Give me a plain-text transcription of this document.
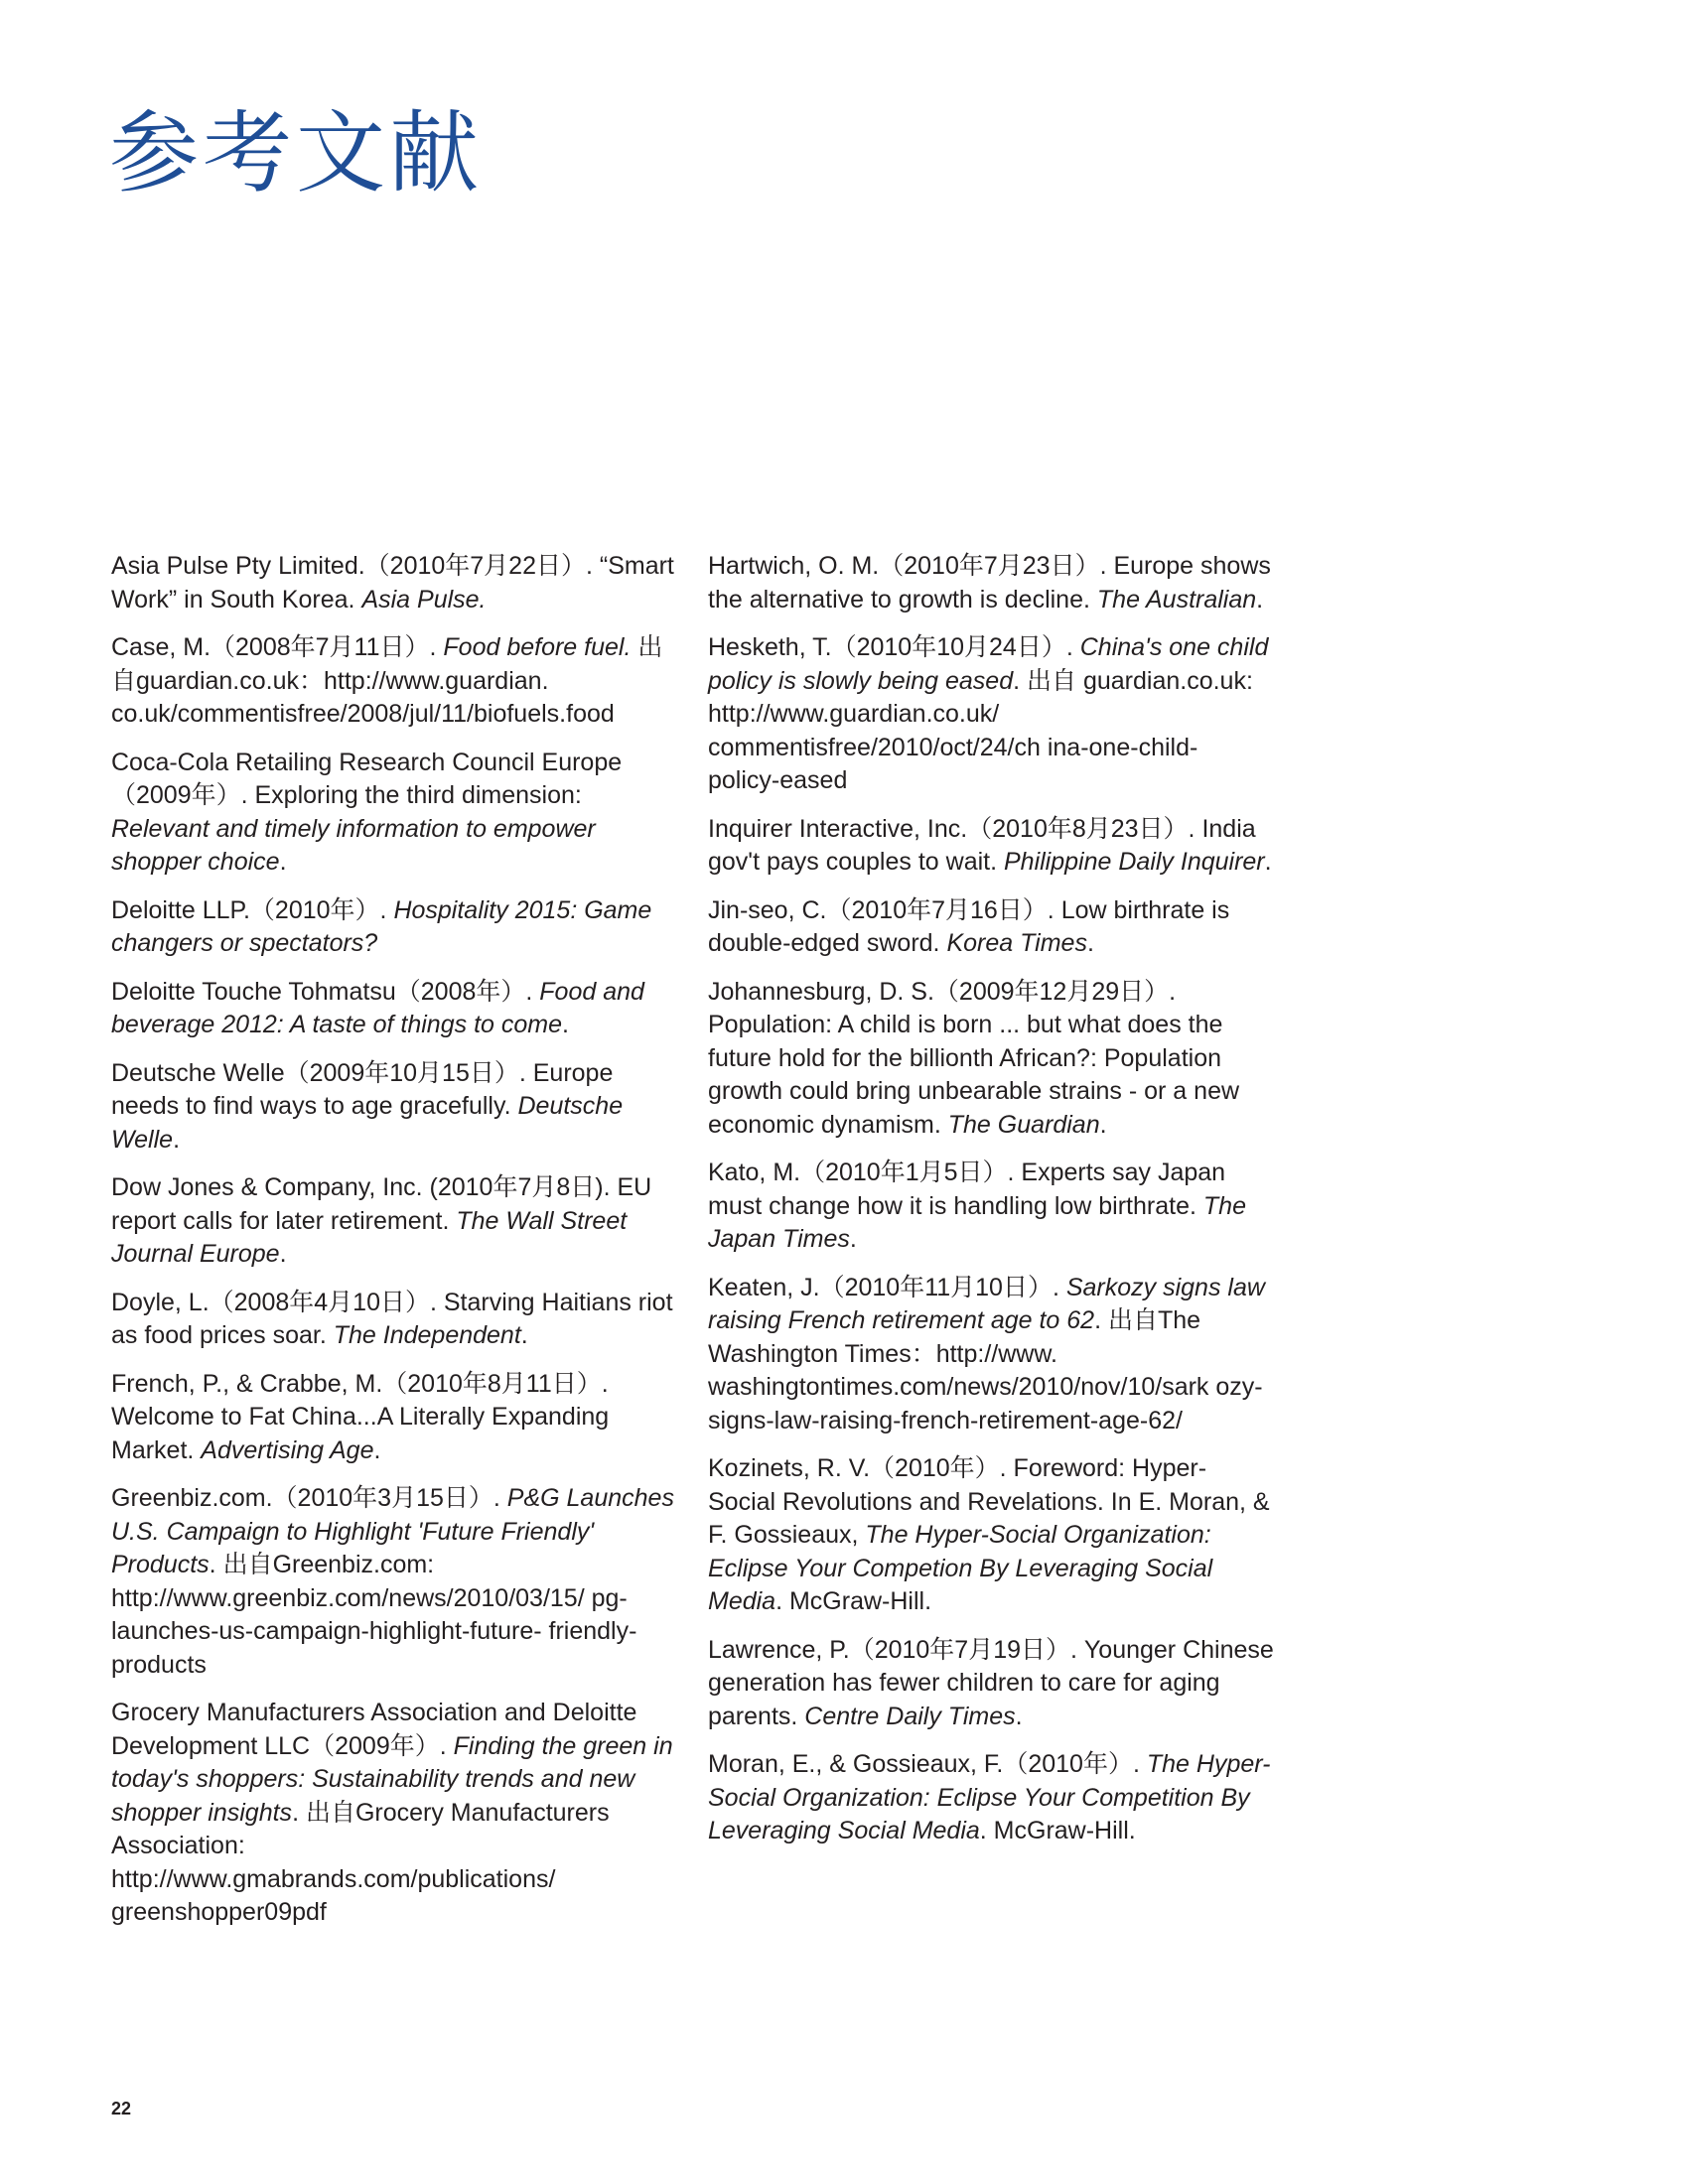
参考文献

Asia Pulse Pty Limited.（2010年7月22日）. “Smart Work” in South Korea. Asia Pulse.

Case, M.（2008年7月11日）. Food before fuel. 出自guardian.co.uk：http://www.guardian. co.uk/commentisfree/2008/jul/11/biofuels.food

Coca-Cola Retailing Research Council Europe（2009年）. Exploring the third dimension: Relevant and timely information to empower shopper choice.

Deloitte LLP.（2010年）. Hospitality 2015: Game changers or spectators?

Deloitte Touche Tohmatsu（2008年）. Food and beverage 2012: A taste of things to come.

Deutsche Welle（2009年10月15日）. Europe needs to find ways to age gracefully. Deutsche Welle.

Dow Jones & Company, Inc. (2010年7月8日). EU report calls for later retirement. The Wall Street Journal Europe.

Doyle, L.（2008年4月10日）. Starving Haitians riot as food prices soar. The Independent.

French, P., & Crabbe, M.（2010年8月11日）. Welcome to Fat China...A Literally Expanding Market. Advertising Age.

Greenbiz.com.（2010年3月15日）. P&G Launches U.S. Campaign to Highlight 'Future Friendly' Products. 出自Greenbiz.com: http://www.greenbiz.com/news/2010/03/15/ pg-launches-us-campaign-highlight-future- friendly-products

Grocery Manufacturers Association and Deloitte Development LLC（2009年）. Finding the green in today's shoppers: Sustainability trends and new shopper insights. 出自Grocery Manufacturers Association: http://www.gmabrands.com/publications/ greenshopper09pdf

Hartwich, O. M.（2010年7月23日）. Europe shows the alternative to growth is decline. The Australian.

Hesketh, T.（2010年10月24日）. China's one child policy is slowly being eased. 出自 guardian.co.uk: http://www.guardian.co.uk/ commentisfree/2010/oct/24/ch ina-one-child- policy-eased

Inquirer Interactive, Inc.（2010年8月23日）. India gov't pays couples to wait. Philippine Daily Inquirer.

Jin-seo, C.（2010年7月16日）. Low birthrate is double-edged sword. Korea Times.

Johannesburg, D. S.（2009年12月29日）. Population: A child is born ... but what does the future hold for the billionth African?: Population growth could bring unbearable strains - or a new economic dynamism. The Guardian.

Kato, M.（2010年1月5日）. Experts say Japan must change how it is handling low birthrate. The Japan Times.

Keaten, J.（2010年11月10日）. Sarkozy signs law raising French retirement age to 62. 出自The Washington Times：http://www. washingtontimes.com/news/2010/nov/10/sark ozy-signs-law-raising-french-retirement-age-62/

Kozinets, R. V.（2010年）. Foreword: Hyper-Social Revolutions and Revelations. In E. Moran, & F. Gossieaux, The Hyper-Social Organization: Eclipse Your Competion By Leveraging Social Media. McGraw-Hill.

Lawrence, P.（2010年7月19日）. Younger Chinese generation has fewer children to care for aging parents. Centre Daily Times.

Moran, E., & Gossieaux, F.（2010年）. The Hyper-Social Organization: Eclipse Your Competition By Leveraging Social Media. McGraw-Hill.

22
